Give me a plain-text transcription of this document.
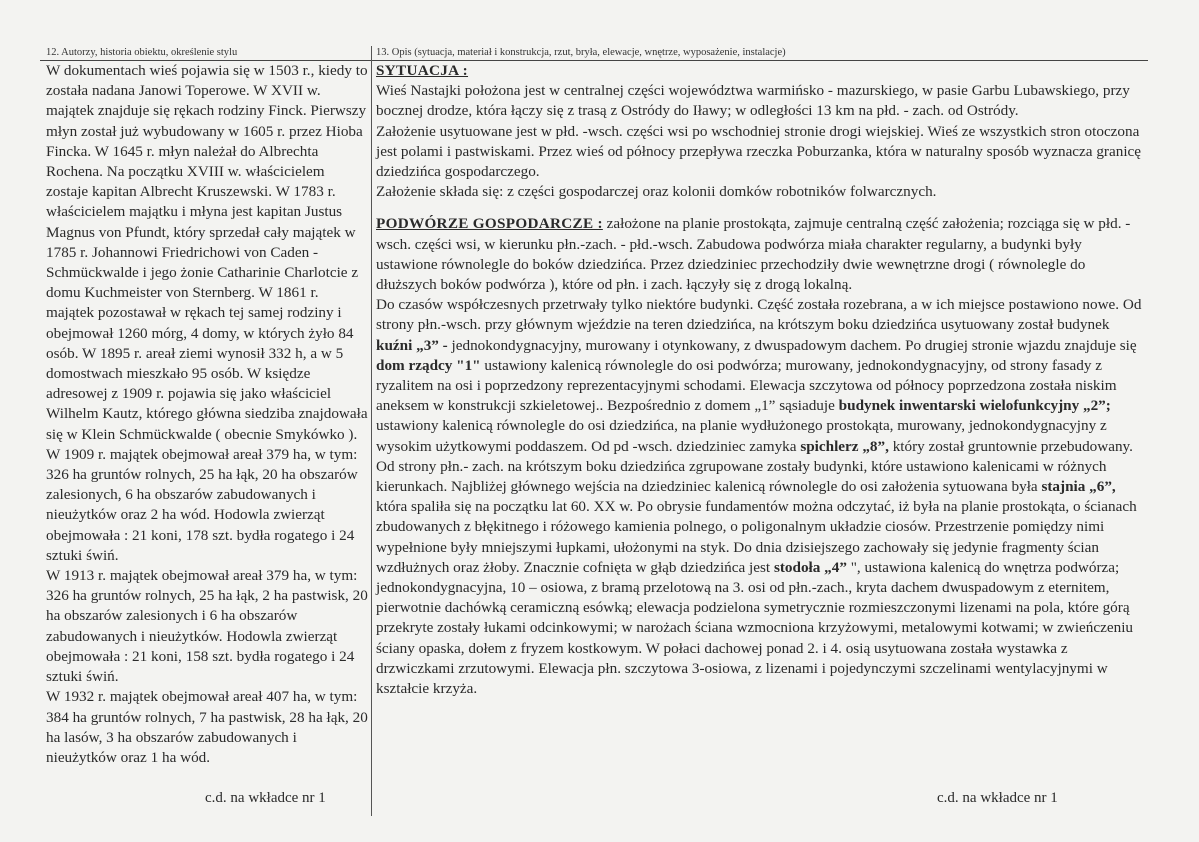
12. Autorzy, historia obiektu, określenie stylu	13. Opis (sytuacja, materiał i konstrukcja, rzut, bryła, elewacje, wnętrze, wyposażenie, instalacje)

W dokumentach wieś pojawia się w 1503 r., kiedy to została nadana Janowi Toperowe. W XVII w. majątek znajduje się rękach rodziny Finck. Pierwszy młyn został już wybudowany w 1605 r. przez Hioba Fincka. W 1645 r. młyn należał do Albrechta Rochena. Na początku XVIII w. właścicielem zostaje kapitan Albrecht Kruszewski. W 1783 r. właścicielem majątku i młyna jest kapitan Justus Magnus von Pfundt, który sprzedał cały majątek w 1785 r. Johannowi Friedrichowi von Caden - Schmückwalde i jego żonie Catharinie Charlotcie z domu Kuchmeister von Sternberg. W 1861 r. majątek pozostawał w rękach tej samej rodziny i obejmował 1260 mórg, 4 domy, w których żyło 84 osób. W 1895 r. areał ziemi wynosił 332 h, a w 5 domostwach mieszkało 95 osób. W księdze adresowej z 1909 r. pojawia się jako właściciel Wilhelm Kautz, którego główna siedziba znajdowała się w Klein Schmückwalde ( obecnie Smykówko ).

W 1909 r. majątek obejmował areał 379 ha, w tym: 326 ha gruntów rolnych, 25 ha łąk, 20 ha obszarów zalesionych, 6 ha obszarów zabudowanych i nieużytków oraz 2 ha wód. Hodowla zwierząt obejmowała : 21 koni, 178 szt. bydła rogatego i 24 sztuki świń.

W 1913 r. majątek obejmował areał 379 ha, w tym: 326 ha gruntów rolnych, 25 ha łąk, 2 ha pastwisk, 20 ha obszarów zalesionych i 6 ha obszarów zabudowanych i nieużytków. Hodowla zwierząt obejmowała : 21 koni, 158 szt. bydła rogatego i 24 sztuki świń.

W 1932 r. majątek obejmował areał 407 ha, w tym: 384 ha gruntów rolnych, 7 ha pastwisk, 28 ha łąk, 20 ha lasów, 3 ha obszarów zabudowanych i nieużytków oraz 1 ha wód.

c.d. na wkładce nr 1

SYTUACJA :

Wieś Nastajki położona jest w centralnej części województwa warmińsko - mazurskiego, w pasie Garbu Lubawskiego, przy bocznej drodze, która łączy się z trasą z Ostródy do Iławy; w odległości 13 km na płd. - zach. od Ostródy.

Założenie usytuowane jest w płd. -wsch. części wsi po wschodniej stronie drogi wiejskiej. Wieś ze wszystkich stron otoczona jest polami i pastwiskami. Przez wieś od północy przepływa rzeczka Poburzanka, która w naturalny sposób wyznacza granicę dziedzińca gospodarczego.

Założenie składa się: z części gospodarczej oraz kolonii domków robotników folwarcznych.

PODWÓRZE GOSPODARCZE : założone na planie prostokąta, zajmuje centralną część założenia; rozciąga się w płd. - wsch. części wsi, w kierunku płn.-zach. - płd.-wsch. Zabudowa podwórza miała charakter regularny, a budynki były ustawione równolegle do boków dziedzińca. Przez dziedziniec przechodziły dwie wewnętrzne drogi ( równolegle do dłuższych boków podwórza ), które od płn. i zach. łączyły się z drogą lokalną.

Do czasów współczesnych przetrwały tylko niektóre budynki. Część została rozebrana, a w ich miejsce postawiono nowe. Od strony płn.-wsch. przy głównym wjeździe na teren dziedzińca, na krótszym boku dziedzińca usytuowany został budynek kuźni „3” - jednokondygnacyjny, murowany i otynkowany, z dwuspadowym dachem. Po drugiej stronie wjazdu znajduje się dom rządcy "1" ustawiony kalenicą równolegle do osi podwórza; murowany, jednokondygnacyjny, od strony fasady z ryzalitem na osi i poprzedzony reprezentacyjnymi schodami. Elewacja szczytowa od północy poprzedzona została niskim aneksem w konstrukcji szkieletowej.. Bezpośrednio z domem „1” sąsiaduje budynek inwentarski wielofunkcyjny „2”; ustawiony kalenicą równolegle do osi dziedzińca, na planie wydłużonego prostokąta, murowany, jednokondygnacyjny z wysokim użytkowymi poddaszem. Od pd -wsch. dziedziniec zamyka spichlerz „8”, który został gruntownie przebudowany.

Od strony płn.- zach. na krótszym boku dziedzińca zgrupowane zostały budynki, które ustawiono kalenicami w różnych kierunkach. Najbliżej głównego wejścia na dziedziniec kalenicą równolegle do osi założenia sytuowana była stajnia „6”, która spaliła się na początku lat 60. XX w. Po obrysie fundamentów można odczytać, iż była na planie prostokąta, o ścianach zbudowanych z błękitnego i różowego kamienia polnego, o poligonalnym układzie ciosów. Przestrzenie pomiędzy nimi wypełnione były mniejszymi łupkami, ułożonymi na styk. Do dnia dzisiejszego zachowały się jedynie fragmenty ścian wzdłużnych oraz żłoby. Znacznie cofnięta w głąb dziedzińca jest stodoła „4” ", ustawiona kalenicą do wnętrza podwórza; jednokondygnacyjna, 10 – osiowa, z bramą przelotową na 3. osi od płn.-zach., kryta dachem dwuspadowym z eternitem, pierwotnie dachówką ceramiczną esówką; elewacja podzielona symetrycznie rozmieszczonymi lizenami na pola, które górą przekryte zostały łukami odcinkowymi; w narożach ściana wzmocniona krzyżowymi, metalowymi kotwami; w zwieńczeniu ściany opaska, dołem z fryzem kostkowym. W połaci dachowej ponad 2. i 4. osią usytuowana została wystawka z drzwiczkami zrzutowymi. Elewacja płn. szczytowa 3-osiowa, z lizenami i pojedynczymi szczelinami wentylacyjnymi w kształcie krzyża.

c.d. na wkładce nr 1
